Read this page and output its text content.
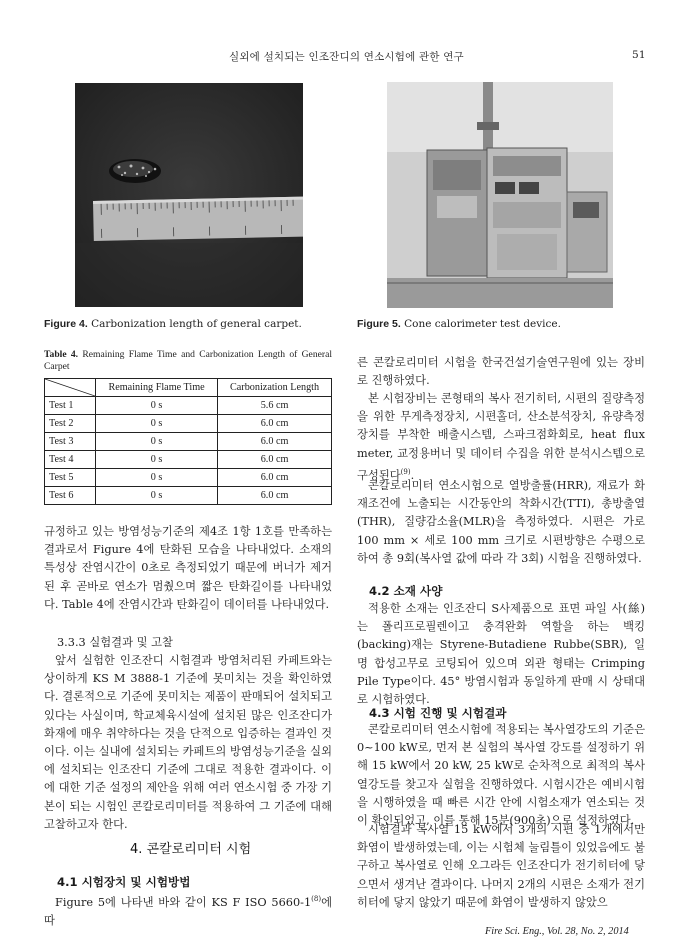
실외에 설치되는 인조잔디의 연소시험에 관한 연구	51
Figure 4. Carbonization length of general carpet.	Figure 5. Cone calorimeter test device.
Table 4. Remaining Flame Time and Carbonization Length of General Carpet
	Remaining Flame Time	Carbonization Length
Test 1	0 s	5.6 cm
Test 2	0 s	6.0 cm
Test 3	0 s	6.0 cm
Test 4	0 s	6.0 cm
Test 5	0 s	6.0 cm
Test 6	0 s	6.0 cm

규정하고 있는 방염성능기준의 제4조 1항 1호를 만족하는 결과로서 Figure 4에 탄화된 모습을 나타내었다. 소재의 특성상 잔염시간이 0초로 측정되었기 때문에 버너가 제거된 후 곧바로 연소가 멈췄으며 짧은 탄화길이를 나타내었다. Table 4에 잔염시간과 탄화길이 데이터를 나타내었다.

3.3.3 실험결과 및 고찰

앞서 실험한 인조잔디 시험결과 방염처리된 카페트와는 상이하게 KS M 3888-1 기준에 못미치는 것을 확인하였다. 결론적으로 기준에 못미치는 제품이 판매되어 설치되고 있다는 사실이며, 학교체육시설에 설치된 많은 인조잔디가 화재에 매우 취약하다는 것을 단적으로 입증하는 결과인 것이다. 이는 실내에 설치되는 카페트의 방염성능기준을 실외에 설치되는 인조잔디 기준에 그대로 적용한 결과이다. 이에 대한 기준 설정의 제안을 위해 여러 연소시험 중 가장 기본이 되는 시험인 콘칼로리미터를 적용하여 그 기준에 대해 고찰하고자 한다.

4. 콘칼로리미터 시험
4.1 시험장치 및 시험방법

Figure 5에 나타낸 바와 같이 KS F ISO 5660-1$^{(8)}$에 따

른 콘칼로리미터 시험을 한국건설기술연구원에 있는 장비로 진행하였다.

본 시험장비는 콘형태의 복사 전기히터, 시편의 질량측정을 위한 무게측정장치, 시편홀더, 산소분석장치, 유량측정장치를 부착한 배출시스템, 스파크점화회로, heat flux meter, 교정용버너 및 데이터 수집을 위한 분석시스템으로 구성된다$^{(9)}$.

콘칼로리미터 연소시험으로 열방출률(HRR), 재료가 화재조건에 노출되는 시간동안의 착화시간(TTI), 총방출열(THR), 질량감소율(MLR)을 측정하였다. 시편은 가로 100 mm × 세로 100 mm 크기로 시편방향은 수평으로 하여 총 9회(복사열 값에 따라 각 3회) 시험을 진행하였다.

4.2 소재 사양

적용한 소재는 인조잔디 S사제품으로 표면 파일 사(絲)는 폴리프로필렌이고 충격완화 역할을 하는 백킹(backing)재는 Styrene-Butadiene Rubbe(SBR), 일명 합성고무로 코팅되어 있으며 외관 형태는 Crimping Pile Type이다. 45° 방염시험과 동일하게 판매 시 상태대로 시험하였다.

4.3 시험 진행 및 시험결과

콘칼로리미터 연소시험에 적용되는 복사열강도의 기준은 0~100 kW로, 먼저 본 실험의 복사열 강도를 설정하기 위해 15 kW에서 20 kW, 25 kW로 순차적으로 최적의 복사열강도를 찾고자 실험을 진행하였다. 시험시간은 예비시험을 시행하였을 때 빠른 시간 안에 시험소재가 연소되는 것이 확인되었고, 이를 통해 15분(900초)으로 설정하였다.

시험결과 복사열 15 kW에서 3개의 시편 중 1개에서만 화염이 발생하였는데, 이는 시험체 눌림틀이 있었음에도 불구하고 복사열로 인해 오그라든 인조잔디가 전기히터에 닿으면서 생겨난 결과이다. 나머지 2개의 시편은 소재가 전기히터에 닿지 않았기 때문에 화염이 발생하지 않았으

Fire Sci. Eng., Vol. 28, No. 2, 2014
